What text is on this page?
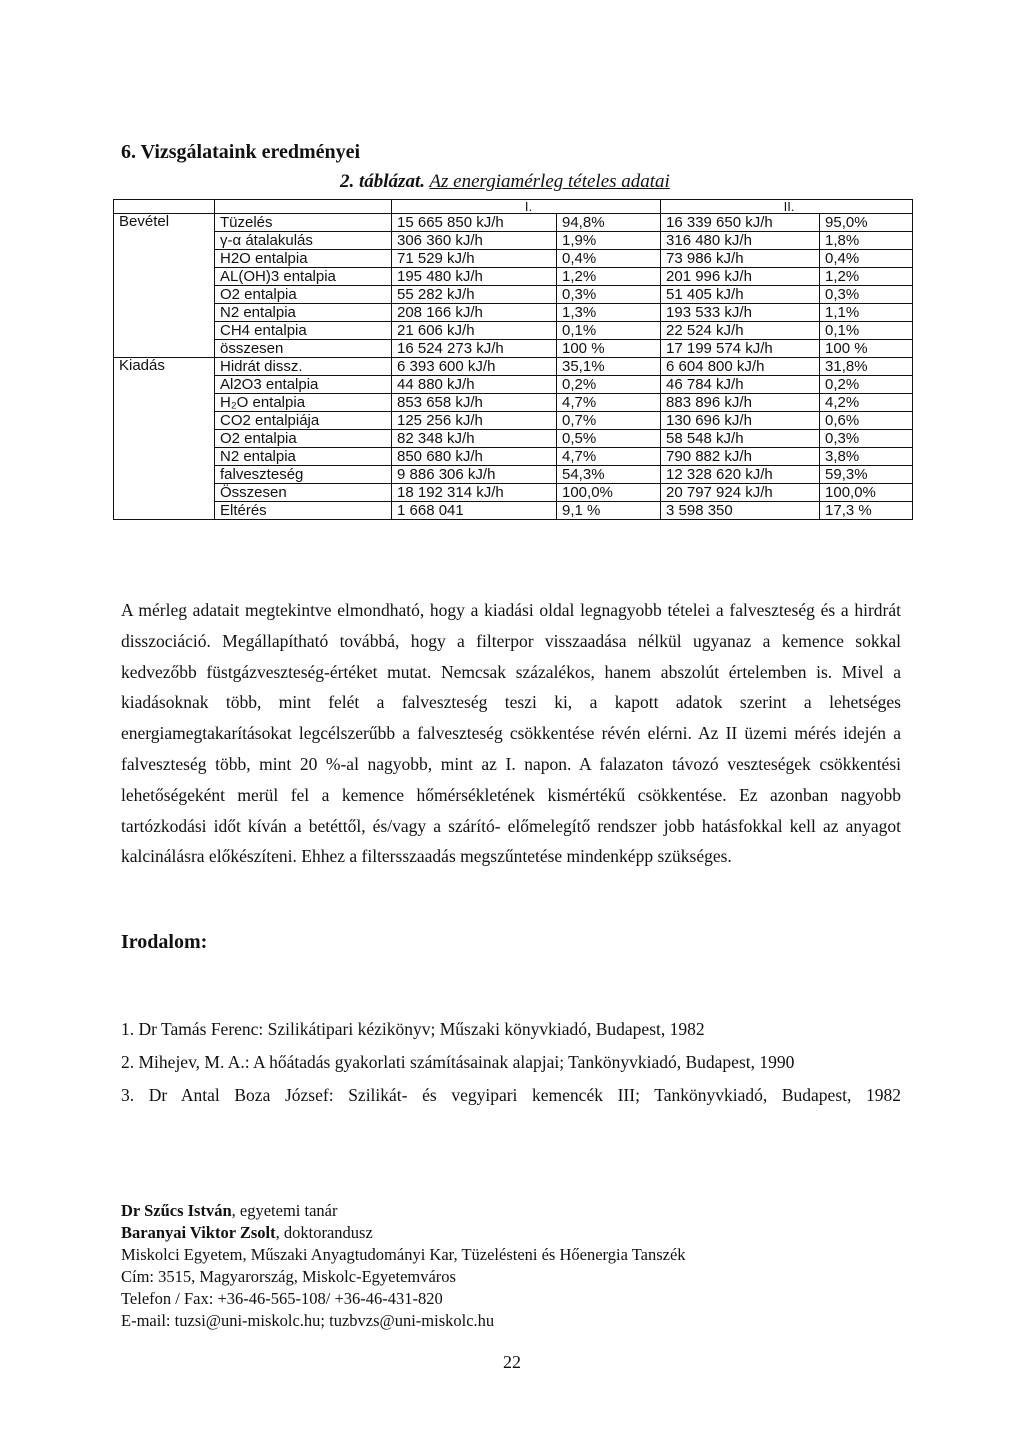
6. Vizsgálataink eredményei
2. táblázat. Az energiamérleg tételes adatai
		I.		II.	
Bevétel	Tüzelés	15 665 850 kJ/h	94,8%	16 339 650 kJ/h	95,0%
	γ-α átalakulás	306 360 kJ/h	1,9%	316 480 kJ/h	1,8%
	H2O entalpia	71 529 kJ/h	0,4%	73 986 kJ/h	0,4%
	AL(OH)3 entalpia	195 480 kJ/h	1,2%	201 996 kJ/h	1,2%
	O2 entalpia	55 282 kJ/h	0,3%	51 405 kJ/h	0,3%
	N2 entalpia	208 166 kJ/h	1,3%	193 533 kJ/h	1,1%
	CH4 entalpia	21 606 kJ/h	0,1%	22 524 kJ/h	0,1%
	összesen	16 524 273 kJ/h	100 %	17 199 574 kJ/h	100 %
Kiadás	Hidrát dissz.	6 393 600 kJ/h	35,1%	6 604 800 kJ/h	31,8%
	Al2O3 entalpia	44 880 kJ/h	0,2%	46 784 kJ/h	0,2%
	H₂O entalpia	853 658 kJ/h	4,7%	883 896 kJ/h	4,2%
	CO2 entalpiája	125 256 kJ/h	0,7%	130 696 kJ/h	0,6%
	O2 entalpia	82 348 kJ/h	0,5%	58 548 kJ/h	0,3%
	N2 entalpia	850 680 kJ/h	4,7%	790 882 kJ/h	3,8%
	falveszteség	9 886 306 kJ/h	54,3%	12 328 620 kJ/h	59,3%
	Összesen	18 192 314 kJ/h	100,0%	20 797 924 kJ/h	100,0%
	Eltérés	1 668 041	9,1 %	3 598 350	17,3 %

A mérleg adatait megtekintve elmondható, hogy a kiadási oldal legnagyobb tételei a falveszteség és a hirdrát disszociáció. Megállapítható továbbá, hogy a filterpor visszaadása nélkül ugyanaz a kemence sokkal kedvezőbb füstgázveszteség-értéket mutat. Nemcsak százalékos, hanem abszolút értelemben is. Mivel a kiadásoknak több, mint felét a falveszteség teszi ki, a kapott adatok szerint a lehetséges energiamegtakarításokat legcélszerűbb a falveszteség csökkentése révén elérni. Az II üzemi mérés idején a falveszteség több, mint 20 %-al nagyobb, mint az I. napon. A falazaton távozó veszteségek csökkentési lehetőségeként merül fel a kemence hőmérsékletének kismértékű csökkentése. Ez azonban nagyobb tartózkodási időt kíván a betéttől, és/vagy a szárító- előmelegítő rendszer jobb hatásfokkal kell az anyagot kalcinálásra előkészíteni. Ehhez a filtersszaadás megszűntetése mindenképp szükséges.

Irodalom:
1. Dr Tamás Ferenc: Szilikátipari kézikönyv; Műszaki könyvkiadó, Budapest, 1982
2. Mihejev, M. A.: A hőátadás gyakorlati számításainak alapjai; Tankönyvkiadó, Budapest, 1990
3. Dr Antal Boza József: Szilikát- és vegyipari kemencék III; Tankönyvkiadó, Budapest, 1982
Dr Szűcs István, egyetemi tanár
Baranyai Viktor Zsolt, doktorandusz
Miskolci Egyetem, Műszaki Anyagtudományi Kar, Tüzelésteni és Hőenergia Tanszék
Cím: 3515, Magyarország, Miskolc-Egyetemváros
Telefon / Fax: +36-46-565-108/ +36-46-431-820
E-mail: tuzsi@uni-miskolc.hu; tuzbvzs@uni-miskolc.hu
22
